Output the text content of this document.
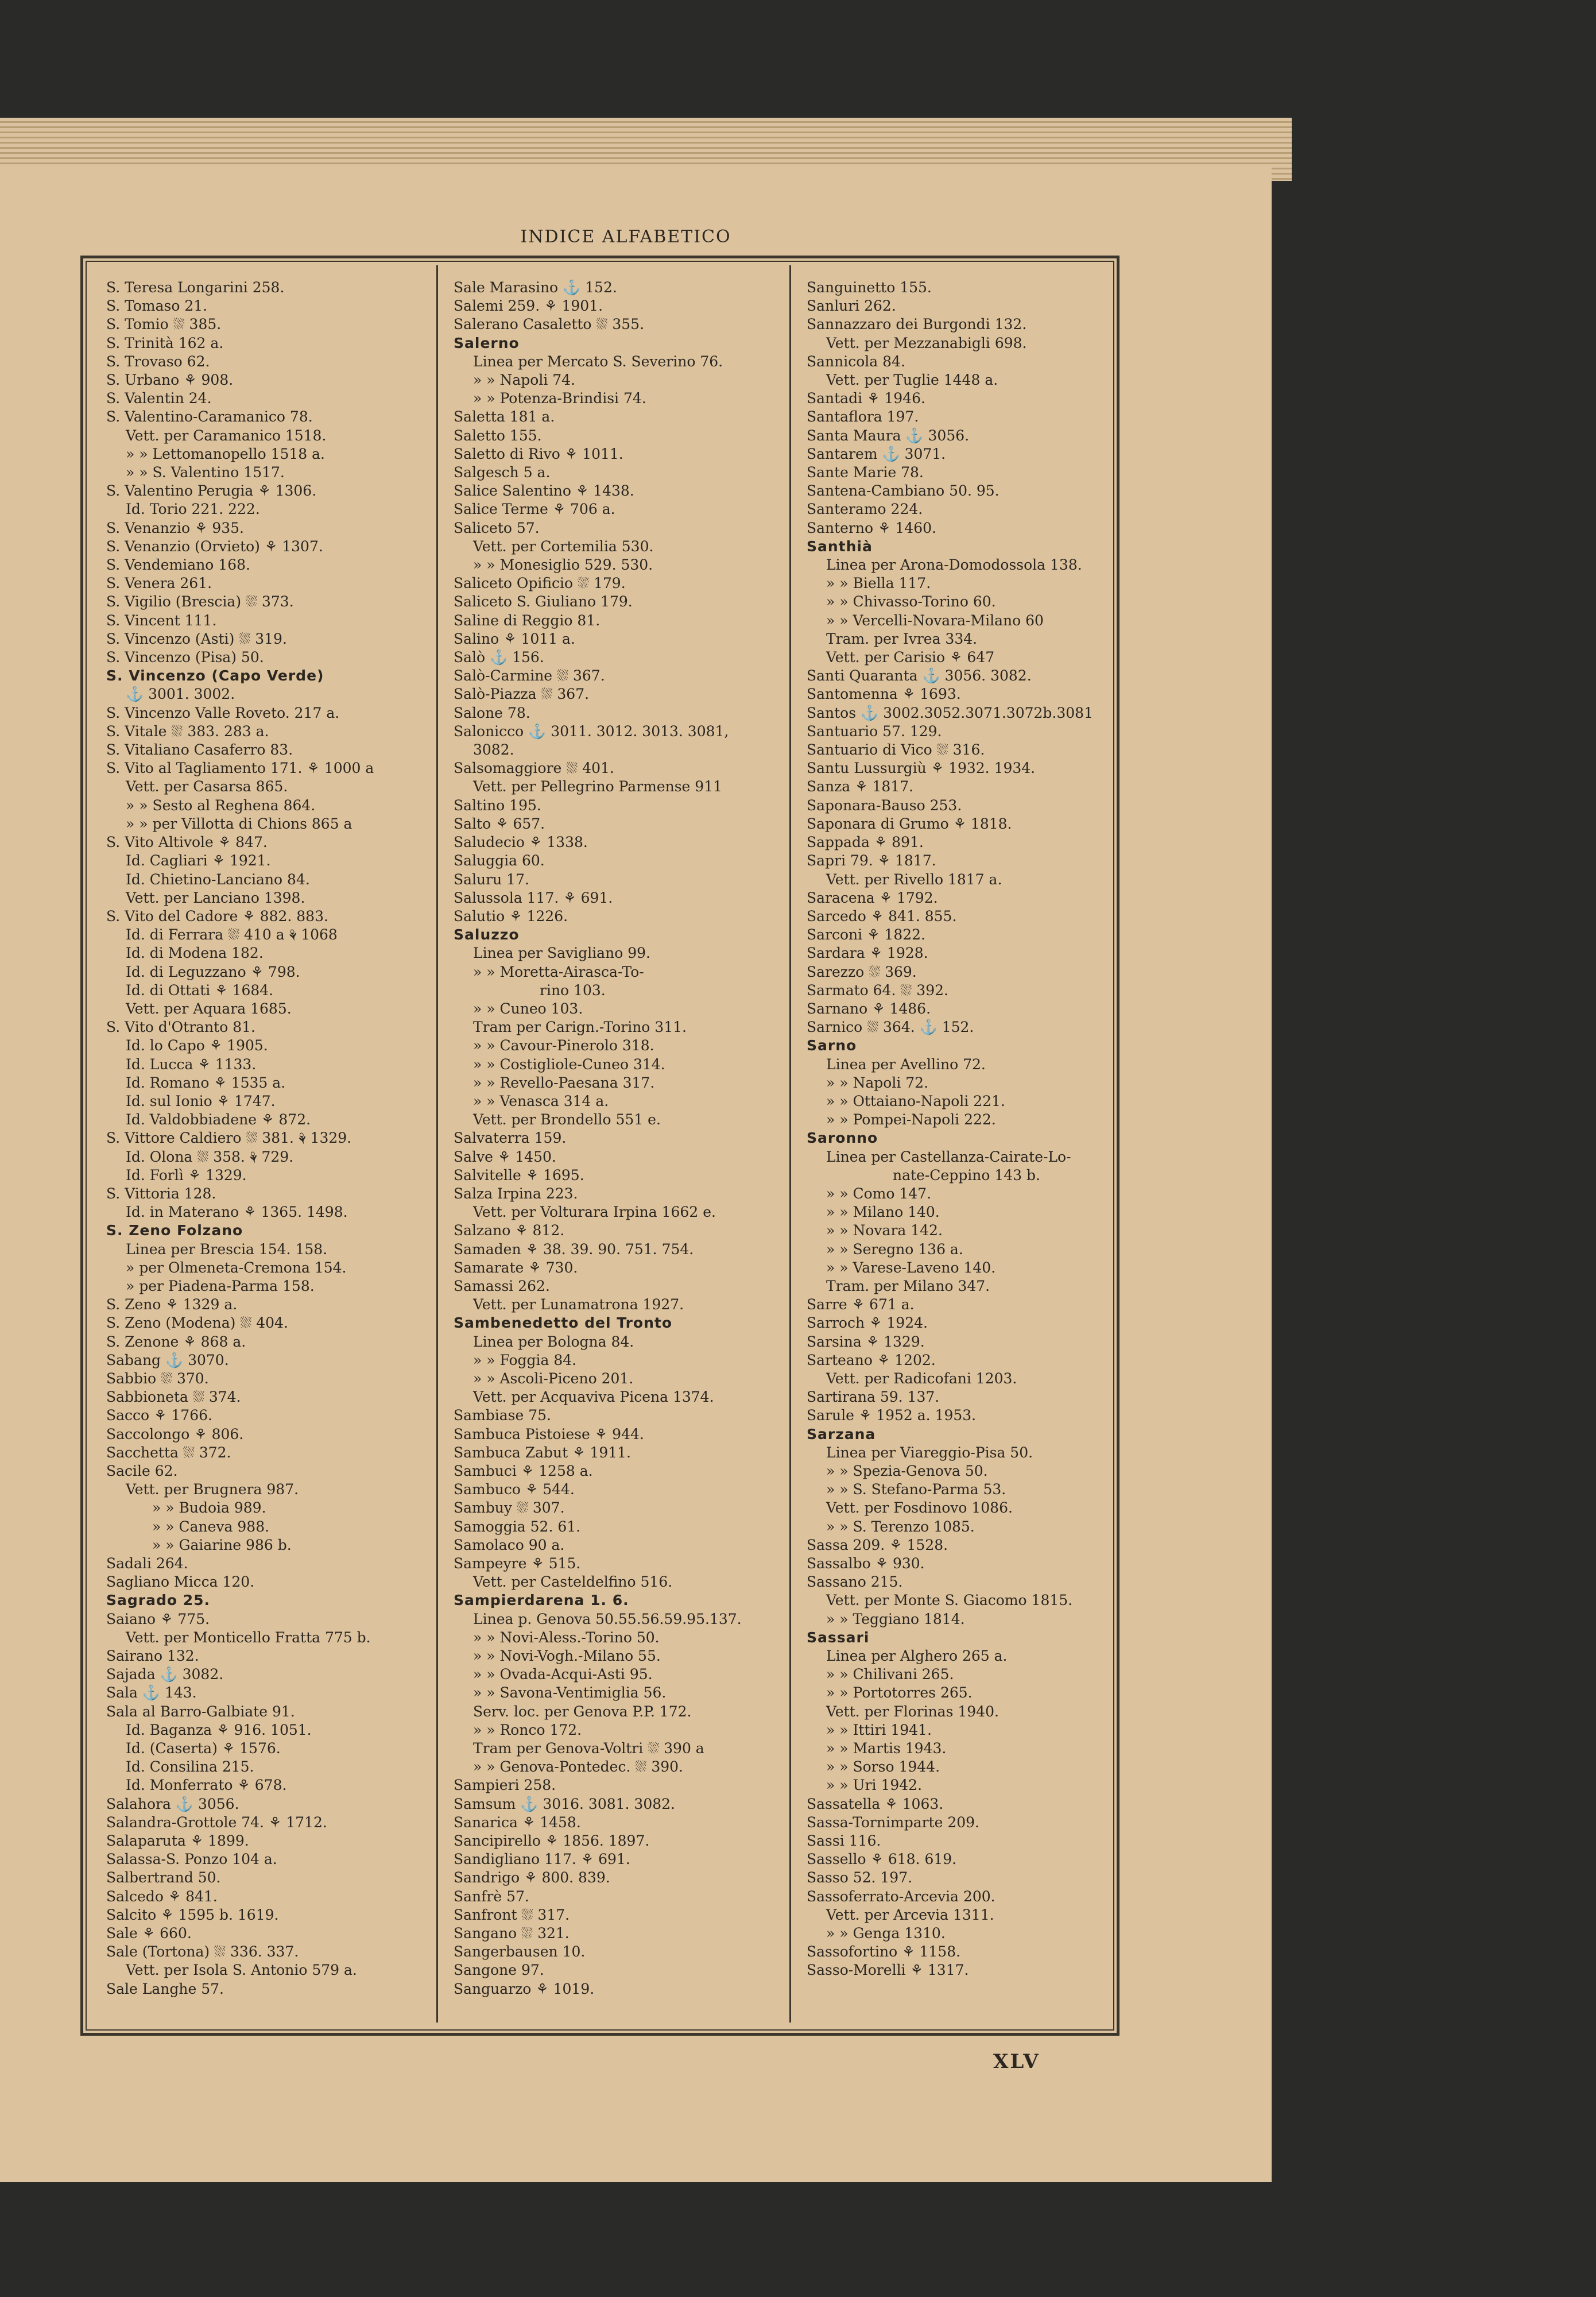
INDICE ALFABETICO
S. Teresa Longarini 258.
S. Tomaso 21.
S. Tomio ⛆ 385.
S. Trinità 162 a.
S. Trovaso 62.
S. Urbano ⚘ 908.
S. Valentin 24.
S. Valentino-Caramanico 78.
Vett. per Caramanico 1518.
» » Lettomanopello 1518 a.
» » S. Valentino 1517.
S. Valentino Perugia ⚘ 1306.
Id. Torio 221. 222.
S. Venanzio ⚘ 935.
S. Venanzio (Orvieto) ⚘ 1307.
S. Vendemiano 168.
S. Venera 261.
S. Vigilio (Brescia) ⛆ 373.
S. Vincent 111.
S. Vincenzo (Asti) ⛆ 319.
S. Vincenzo (Pisa) 50.
S. Vincenzo (Capo Verde)
⚓ 3001. 3002.
S. Vincenzo Valle Roveto. 217 a.
S. Vitale ⛆ 383. 283 a.
S. Vitaliano Casaferro 83.
S. Vito al Tagliamento 171. ⚘ 1000 a
Vett. per Casarsa 865.
» » Sesto al Reghena 864.
» » per Villotta di Chions 865 a
S. Vito Altivole ⚘ 847.
Id. Cagliari ⚘ 1921.
Id. Chietino-Lanciano 84.
Vett. per Lanciano 1398.
S. Vito del Cadore ⚘ 882. 883.
Id. di Ferrara ⛆ 410 a ⚘ 1068
Id. di Modena 182.
Id. di Leguzzano ⚘ 798.
Id. di Ottati ⚘ 1684.
Vett. per Aquara 1685.
S. Vito d'Otranto 81.
Id. lo Capo ⚘ 1905.
Id. Lucca ⚘ 1133.
Id. Romano ⚘ 1535 a.
Id. sul Ionio ⚘ 1747.
Id. Valdobbiadene ⚘ 872.
S. Vittore Caldiero ⛆ 381. ⚘ 1329.
Id. Olona ⛆ 358. ⚘ 729.
Id. Forlì ⚘ 1329.
S. Vittoria 128.
Id. in Materano ⚘ 1365. 1498.
S. Zeno Folzano
Linea per Brescia 154. 158.
» per Olmeneta-Cremona 154.
» per Piadena-Parma 158.
S. Zeno ⚘ 1329 a.
S. Zeno (Modena) ⛆ 404.
S. Zenone ⚘ 868 a.
Sabang ⚓ 3070.
Sabbio ⛆ 370.
Sabbioneta ⛆ 374.
Sacco ⚘ 1766.
Saccolongo ⚘ 806.
Sacchetta ⛆ 372.
Sacile 62.
Vett. per Brugnera 987.
» » Budoia 989.
» » Caneva 988.
» » Gaiarine 986 b.
Sadali 264.
Sagliano Micca 120.
Sagrado 25.
Saiano ⚘ 775.
Vett. per Monticello Fratta 775 b.
Sairano 132.
Sajada ⚓ 3082.
Sala ⚓ 143.
Sala al Barro-Galbiate 91.
Id. Baganza ⚘ 916. 1051.
Id. (Caserta) ⚘ 1576.
Id. Consilina 215.
Id. Monferrato ⚘ 678.
Salahora ⚓ 3056.
Salandra-Grottole 74. ⚘ 1712.
Salaparuta ⚘ 1899.
Salassa-S. Ponzo 104 a.
Salbertrand 50.
Salcedo ⚘ 841.
Salcito ⚘ 1595 b. 1619.
Sale ⚘ 660.
Sale (Tortona) ⛆ 336. 337.
Vett. per Isola S. Antonio 579 a.
Sale Langhe 57.
Sale Marasino ⚓ 152.
Salemi 259. ⚘ 1901.
Salerano Casaletto ⛆ 355.
Salerno
Linea per Mercato S. Severino 76.
» » Napoli 74.
» » Potenza-Brindisi 74.
Saletta 181 a.
Saletto 155.
Saletto di Rivo ⚘ 1011.
Salgesch 5 a.
Salice Salentino ⚘ 1438.
Salice Terme ⚘ 706 a.
Saliceto 57.
Vett. per Cortemilia 530.
» » Monesiglio 529. 530.
Saliceto Opificio ⛆ 179.
Saliceto S. Giuliano 179.
Saline di Reggio 81.
Salino ⚘ 1011 a.
Salò ⚓ 156.
Salò-Carmine ⛆ 367.
Salò-Piazza ⛆ 367.
Salone 78.
Salonicco ⚓ 3011. 3012. 3013. 3081,
3082.
Salsomaggiore ⛆ 401.
Vett. per Pellegrino Parmense 911
Saltino 195.
Salto ⚘ 657.
Saludecio ⚘ 1338.
Saluggia 60.
Saluru 17.
Salussola 117. ⚘ 691.
Salutio ⚘ 1226.
Saluzzo
Linea per Savigliano 99.
» » Moretta-Airasca-To-
rino 103.
» » Cuneo 103.
Tram per Carign.-Torino 311.
» » Cavour-Pinerolo 318.
» » Costigliole-Cuneo 314.
» » Revello-Paesana 317.
» » Venasca 314 a.
Vett. per Brondello 551 e.
Salvaterra 159.
Salve ⚘ 1450.
Salvitelle ⚘ 1695.
Salza Irpina 223.
Vett. per Volturara Irpina 1662 e.
Salzano ⚘ 812.
Samaden ⚘ 38. 39. 90. 751. 754.
Samarate ⚘ 730.
Samassi 262.
Vett. per Lunamatrona 1927.
Sambenedetto del Tronto
Linea per Bologna 84.
» » Foggia 84.
» » Ascoli-Piceno 201.
Vett. per Acquaviva Picena 1374.
Sambiase 75.
Sambuca Pistoiese ⚘ 944.
Sambuca Zabut ⚘ 1911.
Sambuci ⚘ 1258 a.
Sambuco ⚘ 544.
Sambuy ⛆ 307.
Samoggia 52. 61.
Samolaco 90 a.
Sampeyre ⚘ 515.
Vett. per Casteldelfino 516.
Sampierdarena 1. 6.
Linea p. Genova 50.55.56.59.95.137.
» » Novi-Aless.-Torino 50.
» » Novi-Vogh.-Milano 55.
» » Ovada-Acqui-Asti 95.
» » Savona-Ventimiglia 56.
Serv. loc. per Genova P.P. 172.
» » Ronco 172.
Tram per Genova-Voltri ⛆ 390 a
» » Genova-Pontedec. ⛆ 390.
Sampieri 258.
Samsum ⚓ 3016. 3081. 3082.
Sanarica ⚘ 1458.
Sancipirello ⚘ 1856. 1897.
Sandigliano 117. ⚘ 691.
Sandrigo ⚘ 800. 839.
Sanfrè 57.
Sanfront ⛆ 317.
Sangano ⛆ 321.
Sangerbausen 10.
Sangone 97.
Sanguarzo ⚘ 1019.
Sanguinetto 155.
Sanluri 262.
Sannazzaro dei Burgondi 132.
Vett. per Mezzanabigli 698.
Sannicola 84.
Vett. per Tuglie 1448 a.
Santadi ⚘ 1946.
Santaflora 197.
Santa Maura ⚓ 3056.
Santarem ⚓ 3071.
Sante Marie 78.
Santena-Cambiano 50. 95.
Santeramo 224.
Santerno ⚘ 1460.
Santhià
Linea per Arona-Domodossola 138.
» » Biella 117.
» » Chivasso-Torino 60.
» » Vercelli-Novara-Milano 60
Tram. per Ivrea 334.
Vett. per Carisio ⚘ 647
Santi Quaranta ⚓ 3056. 3082.
Santomenna ⚘ 1693.
Santos ⚓ 3002.3052.3071.3072b.3081
Santuario 57. 129.
Santuario di Vico ⛆ 316.
Santu Lussurgiù ⚘ 1932. 1934.
Sanza ⚘ 1817.
Saponara-Bauso 253.
Saponara di Grumo ⚘ 1818.
Sappada ⚘ 891.
Sapri 79. ⚘ 1817.
Vett. per Rivello 1817 a.
Saracena ⚘ 1792.
Sarcedo ⚘ 841. 855.
Sarconi ⚘ 1822.
Sardara ⚘ 1928.
Sarezzo ⛆ 369.
Sarmato 64. ⛆ 392.
Sarnano ⚘ 1486.
Sarnico ⛆ 364. ⚓ 152.
Sarno
Linea per Avellino 72.
» » Napoli 72.
» » Ottaiano-Napoli 221.
» » Pompei-Napoli 222.
Saronno
Linea per Castellanza-Cairate-Lo-
nate-Ceppino 143 b.
» » Como 147.
» » Milano 140.
» » Novara 142.
» » Seregno 136 a.
» » Varese-Laveno 140.
Tram. per Milano 347.
Sarre ⚘ 671 a.
Sarroch ⚘ 1924.
Sarsina ⚘ 1329.
Sarteano ⚘ 1202.
Vett. per Radicofani 1203.
Sartirana 59. 137.
Sarule ⚘ 1952 a. 1953.
Sarzana
Linea per Viareggio-Pisa 50.
» » Spezia-Genova 50.
» » S. Stefano-Parma 53.
Vett. per Fosdinovo 1086.
» » S. Terenzo 1085.
Sassa 209. ⚘ 1528.
Sassalbo ⚘ 930.
Sassano 215.
Vett. per Monte S. Giacomo 1815.
» » Teggiano 1814.
Sassari
Linea per Alghero 265 a.
» » Chilivani 265.
» » Portotorres 265.
Vett. per Florinas 1940.
» » Ittiri 1941.
» » Martis 1943.
» » Sorso 1944.
» » Uri 1942.
Sassatella ⚘ 1063.
Sassa-Tornimparte 209.
Sassi 116.
Sassello ⚘ 618. 619.
Sasso 52. 197.
Sassoferrato-Arcevia 200.
Vett. per Arcevia 1311.
» » Genga 1310.
Sassofortino ⚘ 1158.
Sasso-Morelli ⚘ 1317.
XLV
